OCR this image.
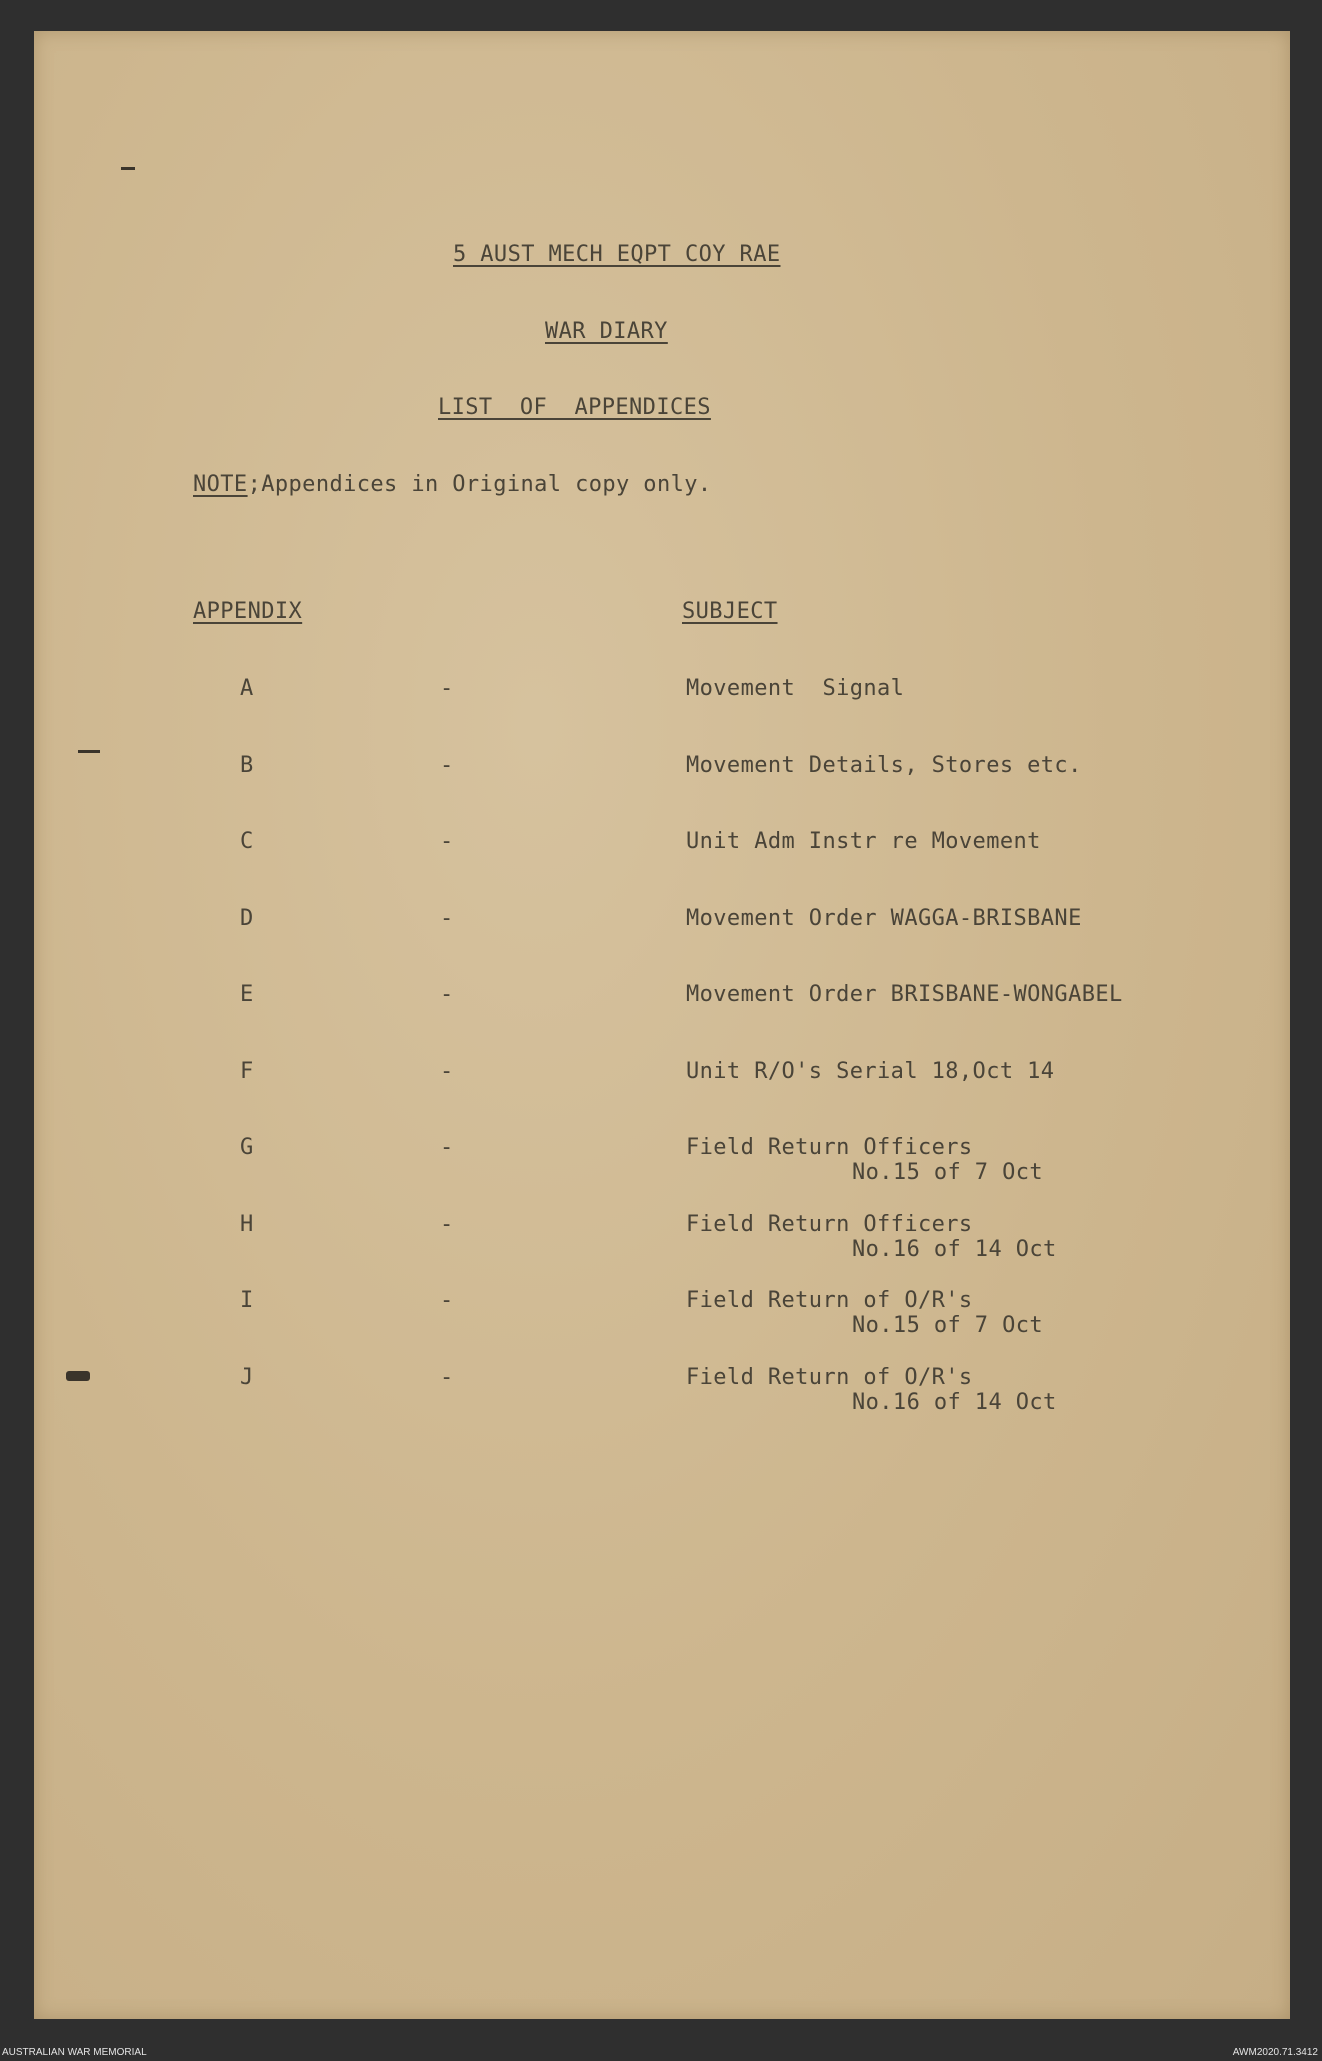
5 AUST MECH EQPT COY RAE
WAR DIARY
LIST  OF  APPENDICES
NOTE;Appendices in Original copy only.
APPENDIX	SUBJECT
A	-	Movement  Signal
B	-	Movement Details, Stores etc.
C	-	Unit Adm Instr re Movement
D	-	Movement Order WAGGA-BRISBANE
E	-	Movement Order BRISBANE-WONGABEL
F	-	Unit R/O's Serial 18,Oct 14
G	-	Field Return Officers
No.15 of 7 Oct
H	-	Field Return Officers
No.16 of 14 Oct
I	-	Field Return of O/R's
No.15 of 7 Oct
J	-	Field Return of O/R's
No.16 of 14 Oct
AUSTRALIAN WAR MEMORIAL	AWM2020.71.3412
